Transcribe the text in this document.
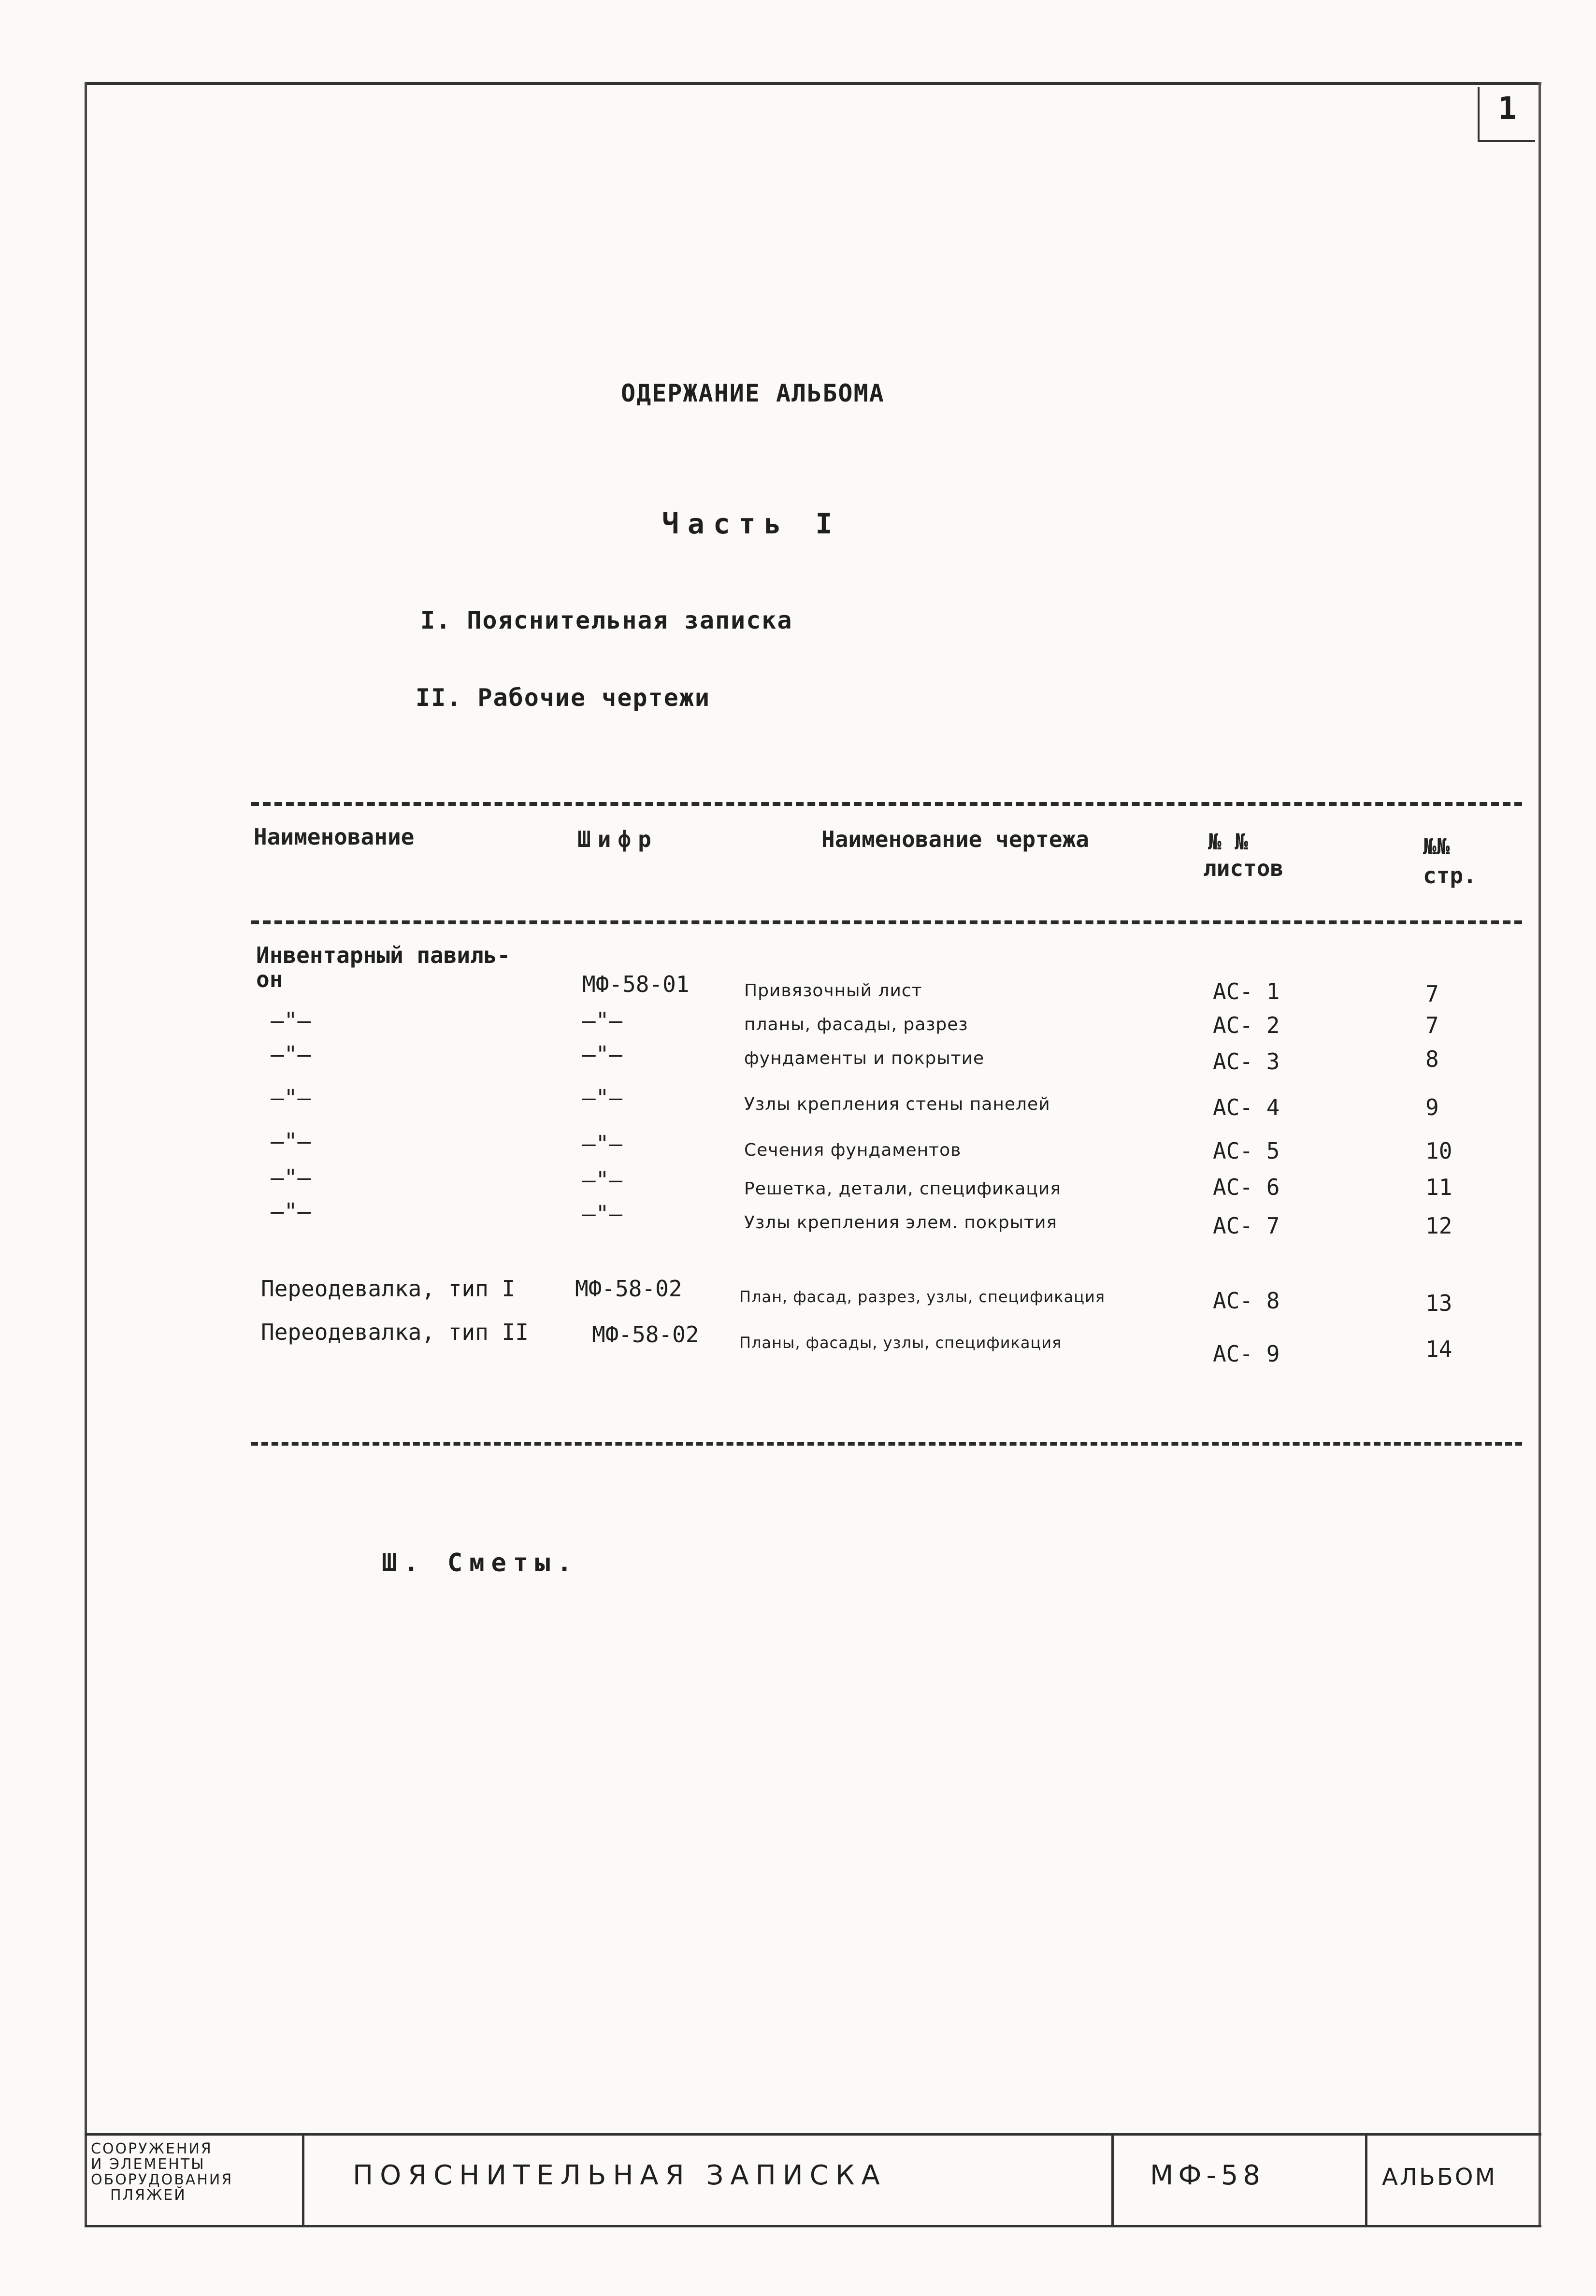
1
ОДЕРЖАНИЕ АЛЬБОМА
Часть I
I. Пояснительная записка
II. Рабочие чертежи
Наименование	Шифр	Наименование чертежа	№ №
листов
№№
стр.
Инвентарный павиль-
он	МФ-58-01	Привязочный лист	АС- 1	7
—"—	—"—	планы, фасады, разрез	АС- 2	7
—"—	—"—	фундаменты и покрытие	АС- 3	8
—"—	—"—	Узлы крепления стены панелей	АС- 4	9
—"—	—"—	Сечения фундаментов	АС- 5	10
—"—	—"—	Решетка, детали, спецификация	АС- 6	11
—"—	—"—	Узлы крепления элем. покрытия	АС- 7	12
Переодевалка, тип I	МФ-58-02	План, фасад, разрез, узлы, спецификация	АС- 8	13
Переодевалка, тип II	МФ-58-02	Планы, фасады, узлы, спецификация	АС- 9	14
Ш. Сметы.
СООРУЖЕНИЯ
И ЭЛЕМЕНТЫ
ОБОРУДОВАНИЯ
ПЛЯЖЕЙ
ПОЯСНИТЕЛЬНАЯ ЗАПИСКА	МФ-58	АЛЬБОМ
